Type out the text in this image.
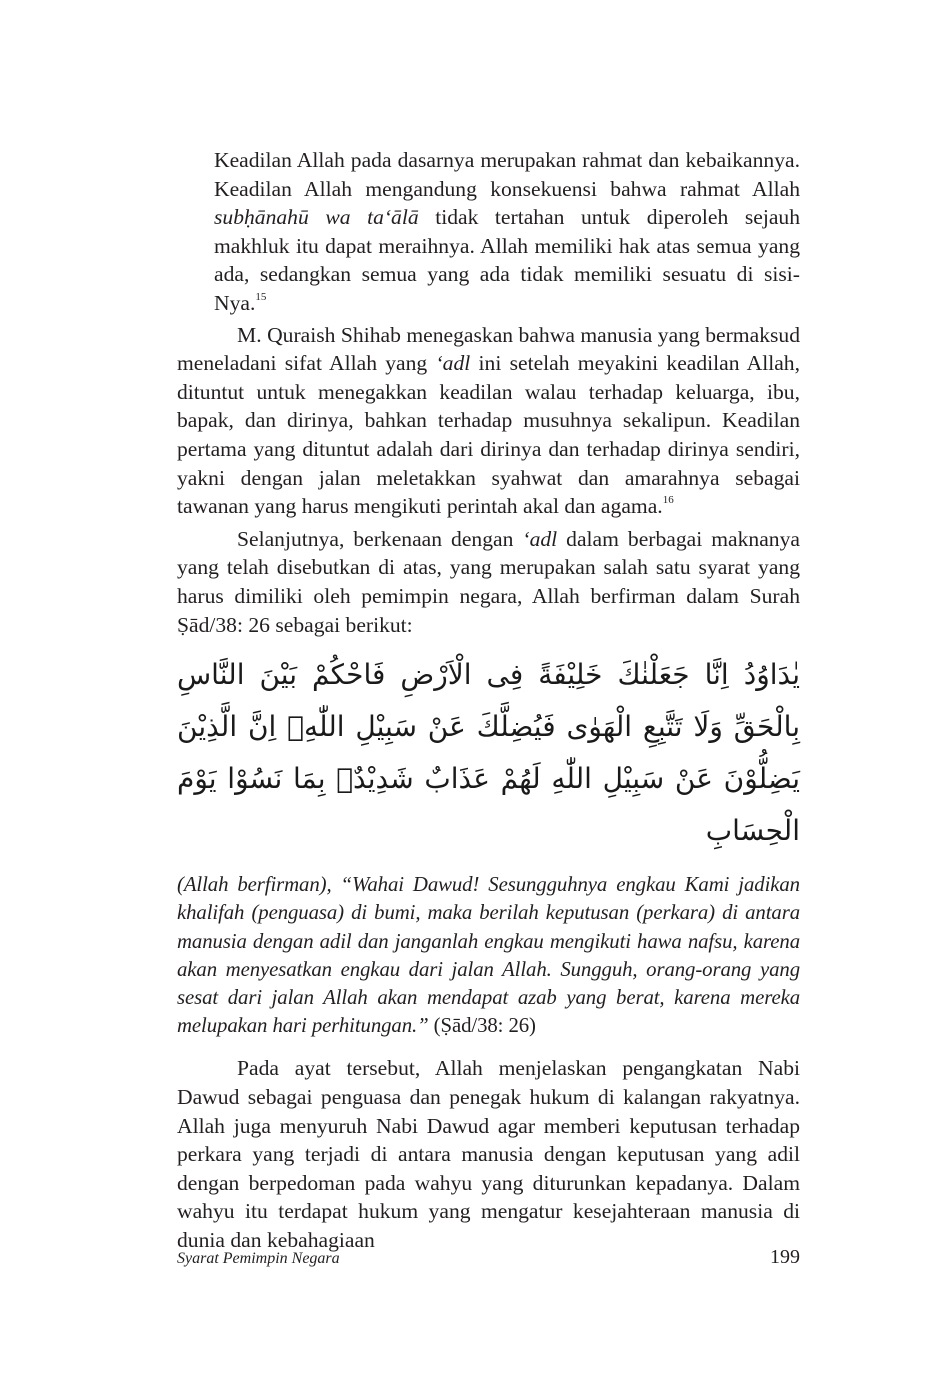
Keadilan Allah pada dasarnya merupakan rahmat dan kebaikannya. Keadilan Allah mengandung konsekuensi bahwa rahmat Allah subḥānahū wa ta‘ālā tidak tertahan untuk diperoleh sejauh makhluk itu dapat meraihnya. Allah memiliki hak atas semua yang ada, sedangkan semua yang ada tidak memiliki sesuatu di sisi-Nya.$^{15}$

M. Quraish Shihab menegaskan bahwa manusia yang bermaksud meneladani sifat Allah yang ‘adl ini setelah meyakini keadilan Allah, dituntut untuk menegakkan keadilan walau terhadap keluarga, ibu, bapak, dan dirinya, bahkan terhadap musuhnya sekalipun. Keadilan pertama yang dituntut adalah dari dirinya dan terhadap dirinya sendiri, yakni dengan jalan meletakkan syahwat dan amarahnya sebagai tawanan yang harus mengikuti perintah akal dan agama.$^{16}$

Selanjutnya, berkenaan dengan ‘adl dalam berbagai maknanya yang telah disebutkan di atas, yang merupakan salah satu syarat yang harus dimiliki oleh pemimpin negara, Allah berfirman dalam Surah Ṣād/38: 26 sebagai berikut:

يٰدَاوُدُ اِنَّا جَعَلْنٰكَ خَلِيْفَةً فِى الْاَرْضِ فَاحْكُمْ بَيْنَ النَّاسِ بِالْحَقِّ وَلَا تَتَّبِعِ الْهَوٰى فَيُضِلَّكَ عَنْ سَبِيْلِ اللّٰهِۗ اِنَّ الَّذِيْنَ يَضِلُّوْنَ عَنْ سَبِيْلِ اللّٰهِ لَهُمْ عَذَابٌ شَدِيْدٌۢ بِمَا نَسُوْا يَوْمَ الْحِسَابِ

(Allah berfirman), “Wahai Dawud! Sesungguhnya engkau Kami jadikan khalifah (penguasa) di bumi, maka berilah keputusan (perkara) di antara manusia dengan adil dan janganlah engkau mengikuti hawa nafsu, karena akan menyesatkan engkau dari jalan Allah. Sungguh, orang-orang yang sesat dari jalan Allah akan mendapat azab yang berat, karena mereka melupakan hari perhitungan.” (Ṣād/38: 26)

Pada ayat tersebut, Allah menjelaskan pengangkatan Nabi Dawud sebagai penguasa dan penegak hukum di kalangan rakyatnya. Allah juga menyuruh Nabi Dawud agar memberi keputusan terhadap perkara yang terjadi di antara manusia dengan keputusan yang adil dengan berpedoman pada wahyu yang diturunkan kepadanya. Dalam wahyu itu terdapat hukum yang mengatur kesejahteraan manusia di dunia dan kebahagiaan

Syarat Pemimpin Negara	199
